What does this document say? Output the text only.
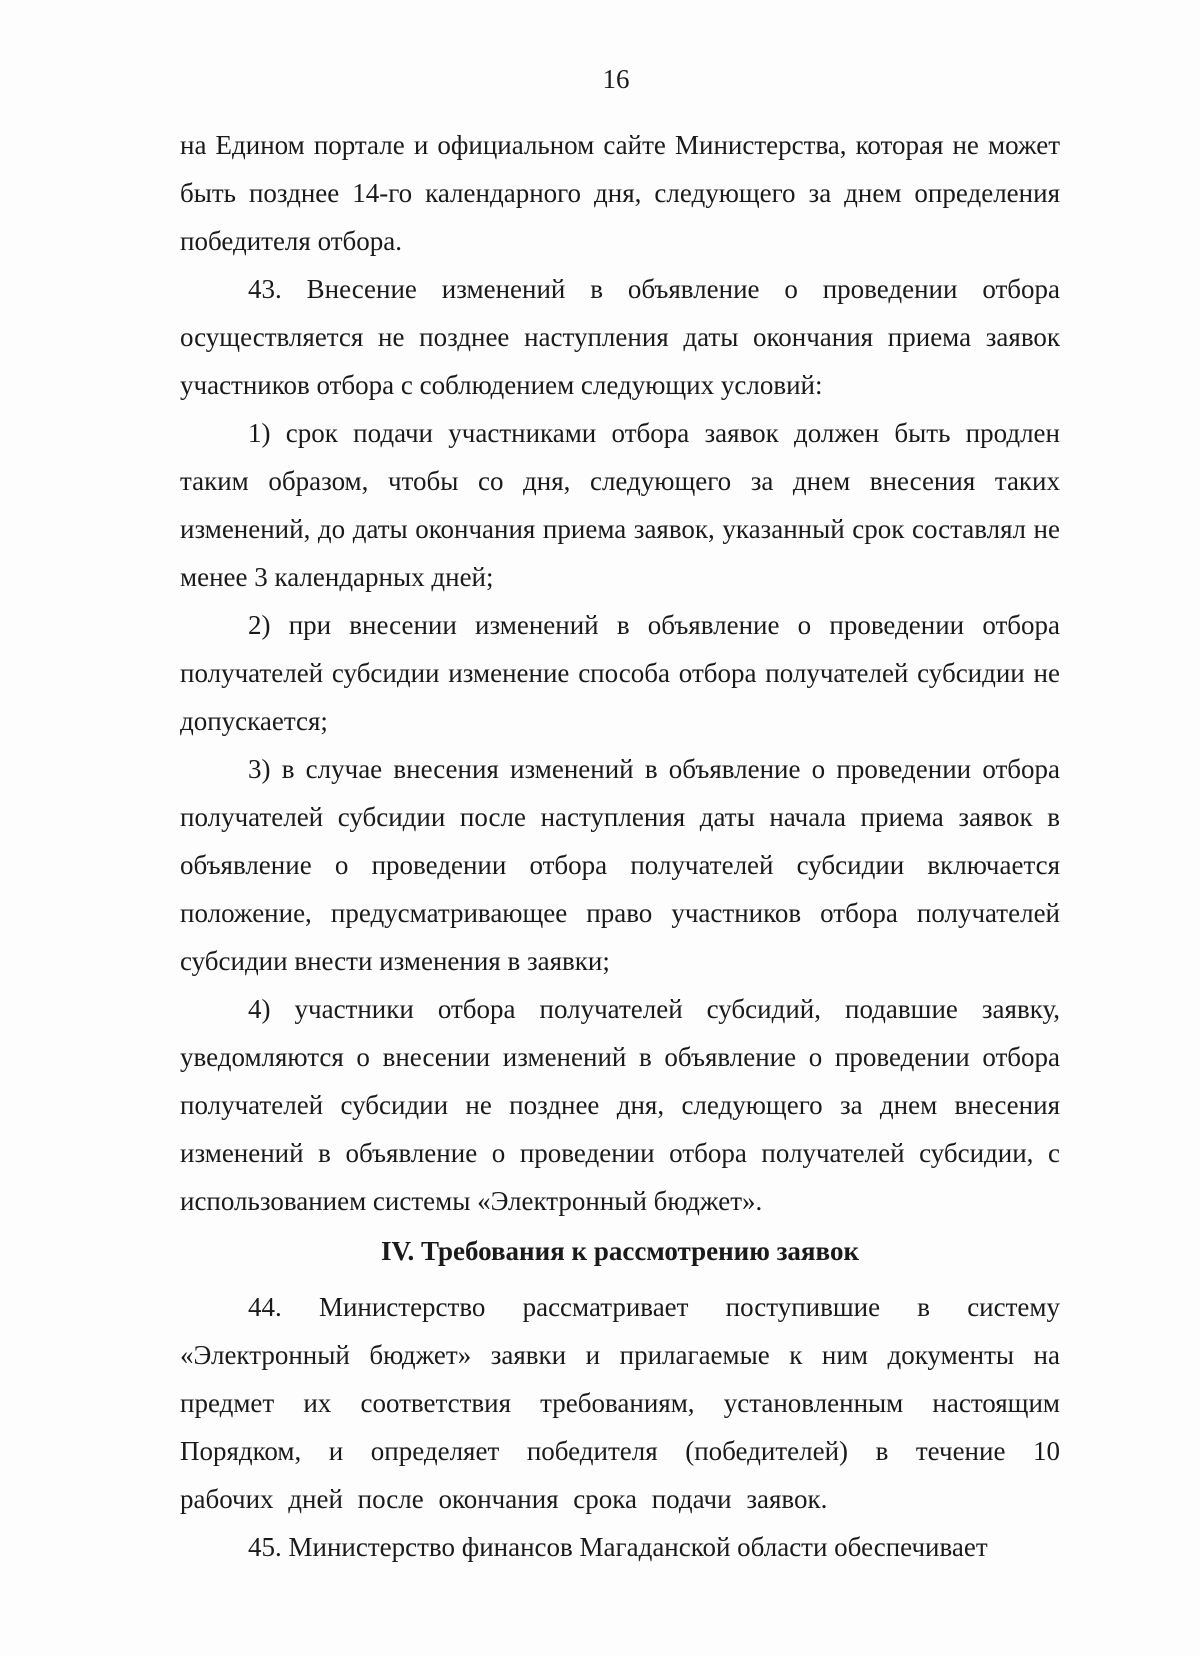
16

на Едином портале и официальном сайте Министерства, которая не может быть позднее 14-го календарного дня, следующего за днем определения победителя отбора.

43. Внесение изменений в объявление о проведении отбора осуществляется не позднее наступления даты окончания приема заявок участников отбора с соблюдением следующих условий:

1) срок подачи участниками отбора заявок должен быть продлен таким образом, чтобы со дня, следующего за днем внесения таких изменений, до даты окончания приема заявок, указанный срок составлял не менее 3 календарных дней;

2) при внесении изменений в объявление о проведении отбора получателей субсидии изменение способа отбора получателей субсидии не допускается;

3) в случае внесения изменений в объявление о проведении отбора получателей субсидии после наступления даты начала приема заявок в объявление о проведении отбора получателей субсидии включается положение, предусматривающее право участников отбора получателей субсидии внести изменения в заявки;

4) участники отбора получателей субсидий, подавшие заявку, уведомляются о внесении изменений в объявление о проведении отбора получателей субсидии не позднее дня, следующего за днем внесения изменений в объявление о проведении отбора получателей субсидии, с использованием системы «Электронный бюджет».

IV. Требования к рассмотрению заявок

44. Министерство рассматривает поступившие в систему «Электронный бюджет» заявки и прилагаемые к ним документы на предмет их соответствия требованиям, установленным настоящим Порядком, и определяет победителя (победителей) в течение 10 рабочих дней после окончания срока подачи заявок.

45. Министерство финансов Магаданской области обеспечивает
